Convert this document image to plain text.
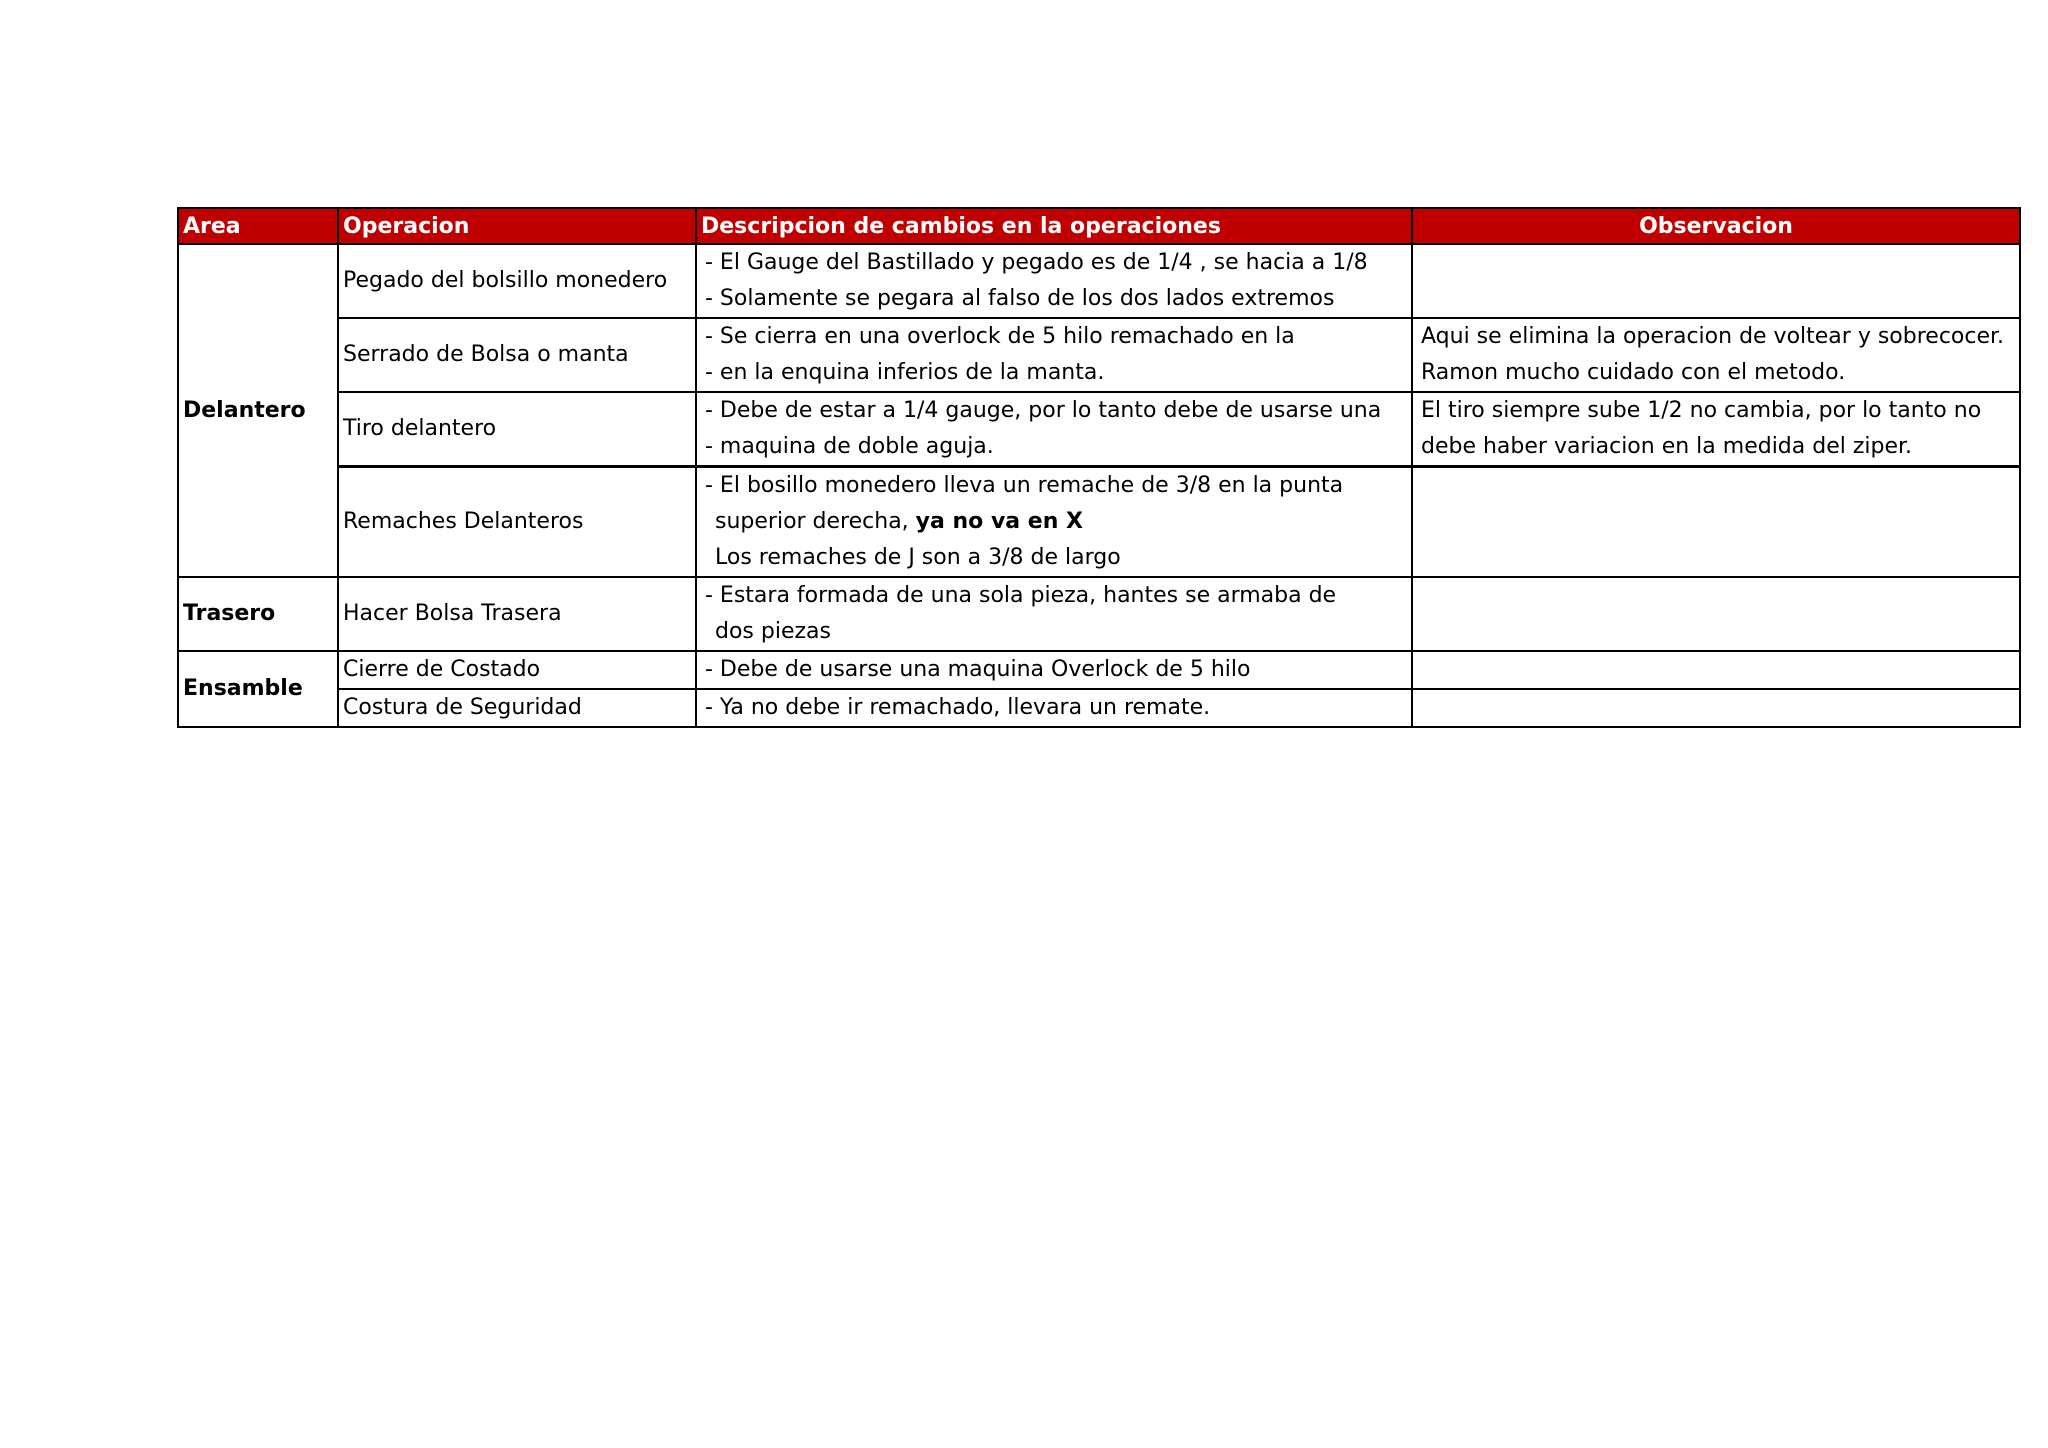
Area	Operacion	Descripcion de cambios en la operaciones	Observacion
Delantero	Pegado del bolsillo monedero	- El Gauge del Bastillado y pegado es de 1/4 , se hacia a 1/8
- Solamente se pegara al falso de los dos lados extremos	

	Serrado de Bolsa o manta	- Se cierra en una overlock de 5 hilo remachado en la
- en la enquina inferios de la manta.	Aqui se elimina la operacion de voltear y sobrecocer.
Ramon mucho cuidado con el metodo.

	Tiro delantero	- Debe de estar a 1/4 gauge, por lo tanto debe de usarse una
- maquina de doble aguja.	El tiro siempre sube 1/2 no cambia, por lo tanto no
debe haber variacion en la medida del ziper.

	Remaches Delanteros	- El bosillo monedero lleva un remache de 3/8 en la punta
superior derecha, ya no va en X
Los remaches de J son a 3/8 de largo	

Trasero	Hacer Bolsa Trasera	- Estara formada de una sola pieza, hantes se armaba de
dos piezas	

Ensamble	Cierre de Costado	- Debe de usarse una maquina Overlock de 5 hilo	

	Costura de Seguridad	- Ya no debe ir remachado, llevara un remate.	
